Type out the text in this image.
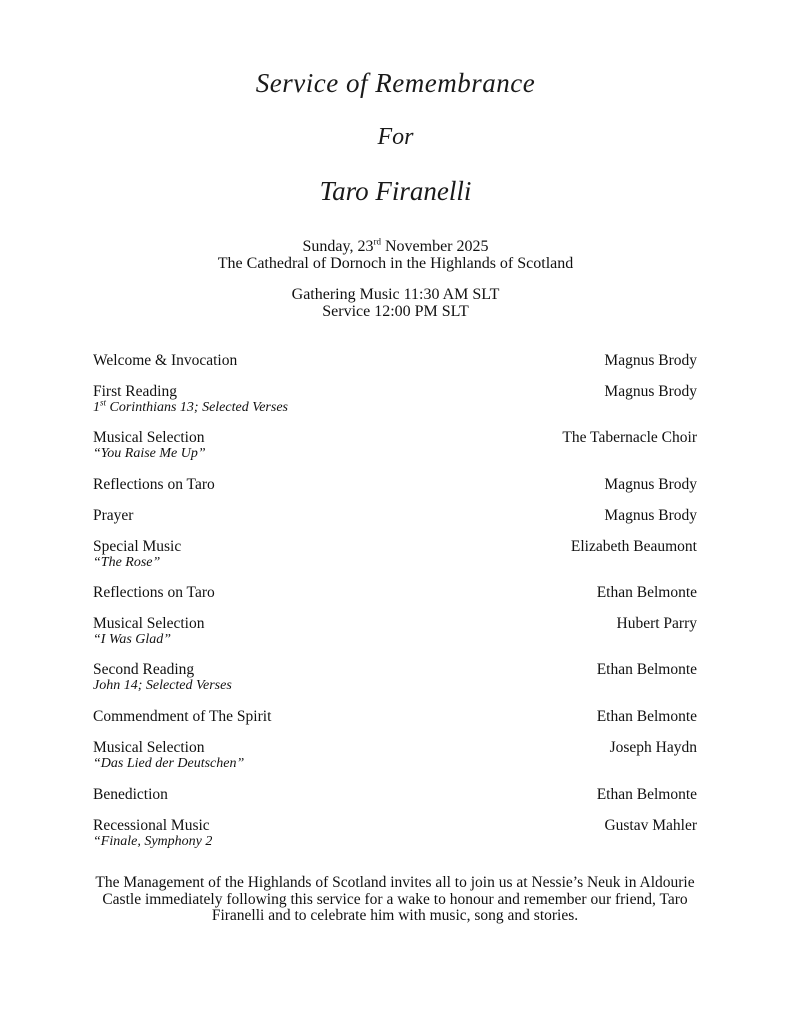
Service of Remembrance
For
Taro Firanelli
Sunday, 23rd November 2025
The Cathedral of Dornoch in the Highlands of Scotland
Gathering Music 11:30 AM SLT
Service 12:00 PM SLT
Welcome & Invocation	Magnus Brody
First Reading	Magnus Brody
1st Corinthians 13; Selected Verses
Musical Selection	The Tabernacle Choir
“You Raise Me Up”
Reflections on Taro	Magnus Brody
Prayer	Magnus Brody
Special Music	Elizabeth Beaumont
“The Rose”
Reflections on Taro	Ethan Belmonte
Musical Selection	Hubert Parry
“I Was Glad”
Second Reading	Ethan Belmonte
John 14; Selected Verses
Commendment of The Spirit	Ethan Belmonte
Musical Selection	Joseph Haydn
“Das Lied der Deutschen”
Benediction	Ethan Belmonte
Recessional Music	Gustav Mahler
“Finale, Symphony 2
The Management of the Highlands of Scotland invites all to join us at Nessie’s Neuk in Aldourie Castle immediately following this service for a wake to honour and remember our friend, Taro Firanelli and to celebrate him with music, song and stories.
